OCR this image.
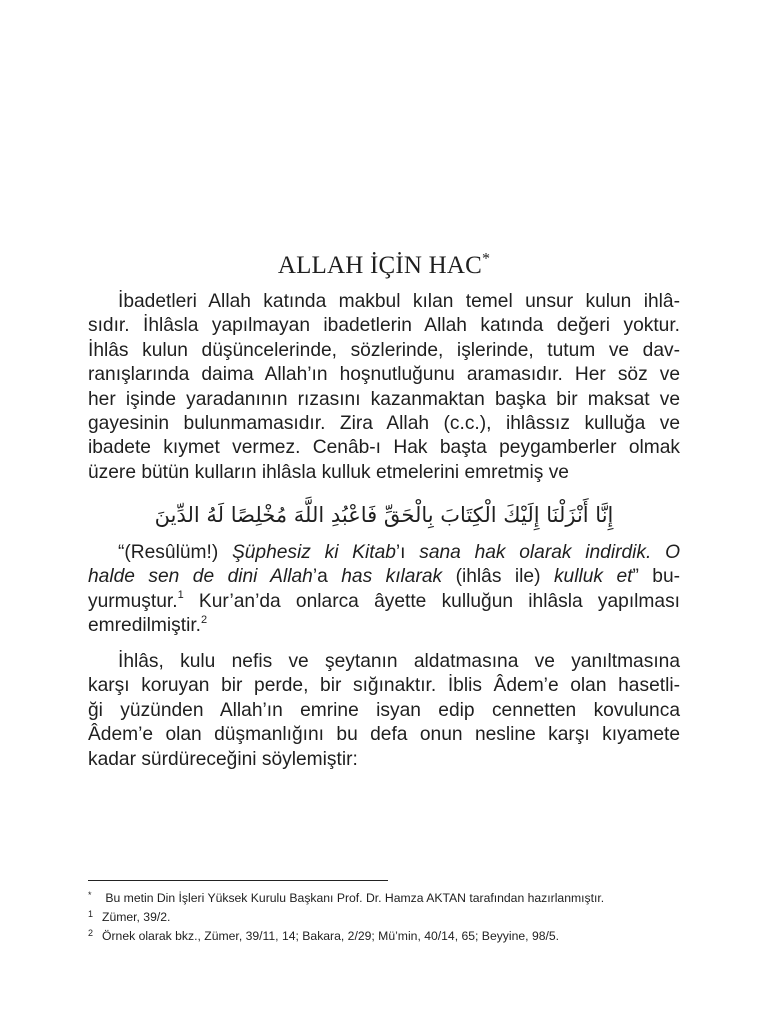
ALLAH İÇİN HAC*

İbadetleri Allah katında makbul kılan temel unsur kulun ihlâ-
sıdır. İhlâsla yapılmayan ibadetlerin Allah katında değeri yoktur.
İhlâs kulun düşüncelerinde, sözlerinde, işlerinde, tutum ve dav-
ranışlarında daima Allah’ın hoşnutluğunu aramasıdır. Her söz ve
her işinde yaradanının rızasını kazanmaktan başka bir maksat ve
gayesinin bulunmamasıdır. Zira Allah (c.c.), ihlâssız kulluğa ve
ibadete kıymet vermez. Cenâb-ı Hak başta peygamberler olmak
üzere bütün kulların ihlâsla kulluk etmelerini emretmiş ve

إِنَّا أَنْزَلْنَا إِلَيْكَ الْكِتَابَ بِالْحَقِّ فَاعْبُدِ اللَّهَ مُخْلِصًا لَهُ الدِّينَ

“(Resûlüm!) Şüphesiz ki Kitab’ı sana hak olarak indirdik. O
halde sen de dini Allah’a has kılarak (ihlâs ile) kulluk et” bu-
yurmuştur.$^1$ Kur’an’da onlarca âyette kulluğun ihlâsla yapılması
emredilmiştir.$^2$

İhlâs, kulu nefis ve şeytanın aldatmasına ve yanıltmasına
karşı koruyan bir perde, bir sığınaktır. İblis Âdem’e olan hasetli-
ği yüzünden Allah’ın emrine isyan edip cennetten kovulunca
Âdem’e olan düşmanlığını bu defa onun nesline karşı kıyamete
kadar sürdüreceğini söylemiştir:

* Bu metin Din İşleri Yüksek Kurulu Başkanı Prof. Dr. Hamza AKTAN tarafından hazırlanmıştır.
1 Zümer, 39/2.
2 Örnek olarak bkz., Zümer, 39/11, 14; Bakara, 2/29; Mü’min, 40/14, 65; Beyyine, 98/5.
